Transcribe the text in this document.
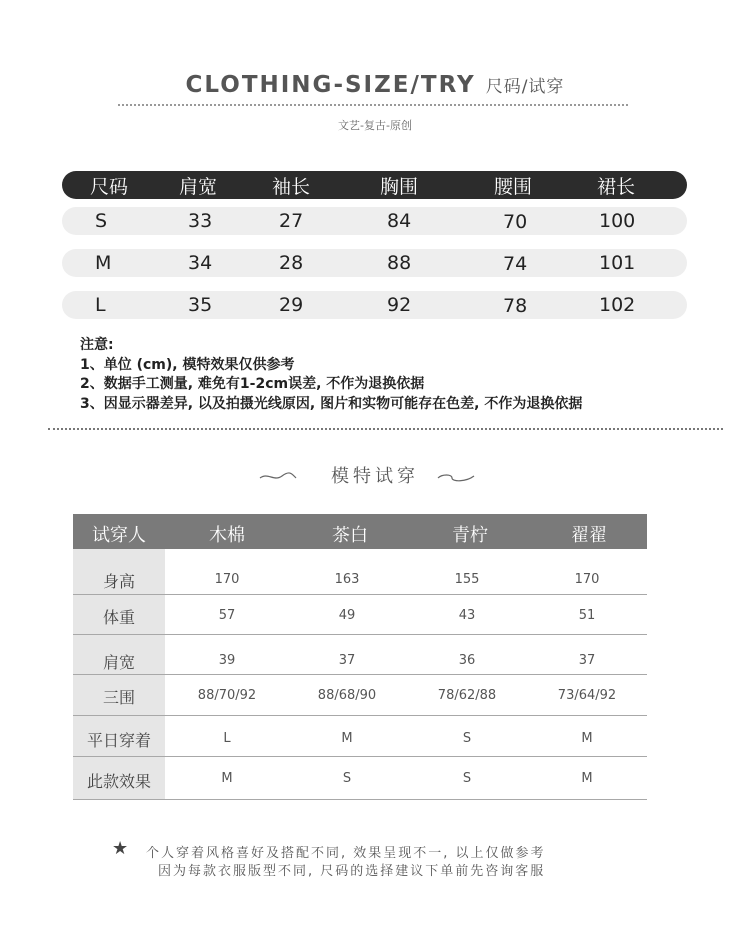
CLOTHING-SIZE/TRY 尺码/试穿
文艺-复古-原创
尺码	肩宽	袖长	胸围	腰围	裙长
S	33	27	84	70	100
M	34	28	88	74	101
L	35	29	92	78	102
注意:
1、单位 (cm), 模特效果仅供参考
2、数据手工测量, 难免有1-2cm误差, 不作为退换依据
3、因显示器差异, 以及拍摄光线原因, 图片和实物可能存在色差, 不作为退换依据
模特试穿
试穿人	木棉	茶白	青柠	翟翟
身高	170	163	155	170
体重	57	49	43	51
肩宽	39	37	36	37
三围	88/70/92	88/68/90	78/62/88	73/64/92
平日穿着	L	M	S	M
此款效果	M	S	S	M
★ 个人穿着风格喜好及搭配不同, 效果呈现不一, 以上仅做参考
因为每款衣服版型不同, 尺码的选择建议下单前先咨询客服
